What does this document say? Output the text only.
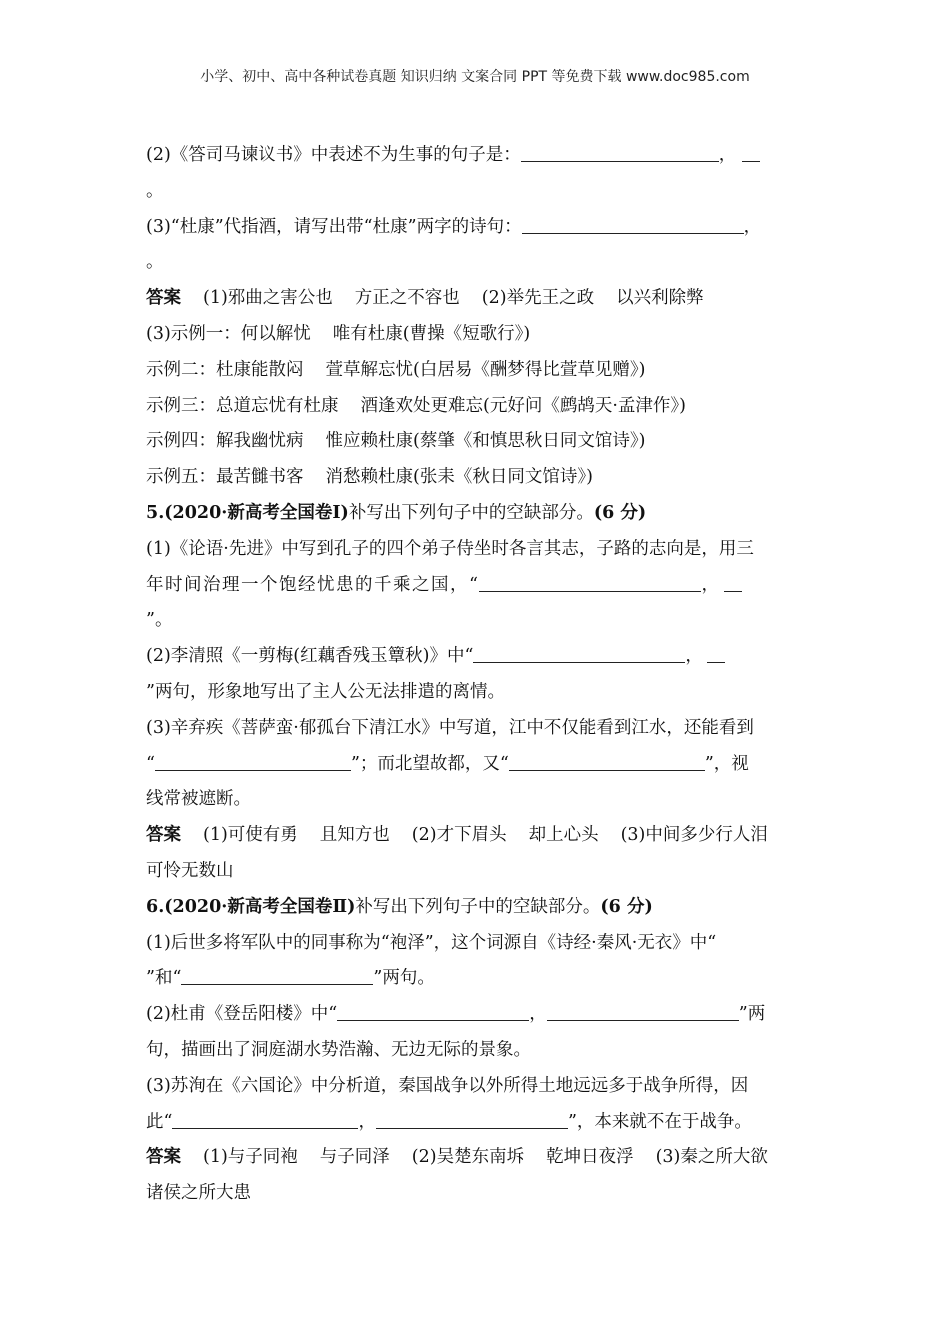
小学、初中、高中各种试卷真题 知识归纳 文案合同 PPT 等免费下载 www.doc985.com
(2)《答司马谏议书》中表述不为生事的句子是：	，
。
(3)“杜康”代指酒，请写出带“杜康”两字的诗句：	，
。
答案 (1)邪曲之害公也 方正之不容也 (2)举先王之政 以兴利除弊
(3)示例一：何以解忧 唯有杜康(曹操《短歌行》)
示例二：杜康能散闷 萱草解忘忧(白居易《酬梦得比萱草见赠》)
示例三：总道忘忧有杜康 酒逢欢处更难忘(元好问《鹧鸪天·孟津作》)
示例四：解我幽忧病 惟应赖杜康(蔡肇《和慎思秋日同文馆诗》)
示例五：最苦雠书客 消愁赖杜康(张耒《秋日同文馆诗》)
5.(2020·新高考全国卷Ⅰ)补写出下列句子中的空缺部分。(6 分)
(1)《论语·先进》中写到孔子的四个弟子侍坐时各言其志，子路的志向是，用三
年时间治理一个饱经忧患的千乘之国，“	，
”。
(2)李清照《一剪梅(红藕香残玉簟秋)》中“	，
”两句，形象地写出了主人公无法排遣的离情。
(3)辛弃疾《菩萨蛮·郁孤台下清江水》中写道，江中不仅能看到江水，还能看到
“	”；而北望故都，又“	”，视
线常被遮断。
答案 (1)可使有勇 且知方也 (2)才下眉头 却上心头 (3)中间多少行人泪
可怜无数山
6.(2020·新高考全国卷Ⅱ)补写出下列句子中的空缺部分。(6 分)
(1)后世多将军队中的同事称为“袍泽”，这个词源自《诗经·秦风·无衣》中“
”和“	”两句。
(2)杜甫《登岳阳楼》中“	，	”两
句，描画出了洞庭湖水势浩瀚、无边无际的景象。
(3)苏洵在《六国论》中分析道，秦国战争以外所得土地远远多于战争所得，因
此“	，	”，本来就不在于战争。
答案 (1)与子同袍 与子同泽 (2)吴楚东南坼 乾坤日夜浮 (3)秦之所大欲
诸侯之所大患
